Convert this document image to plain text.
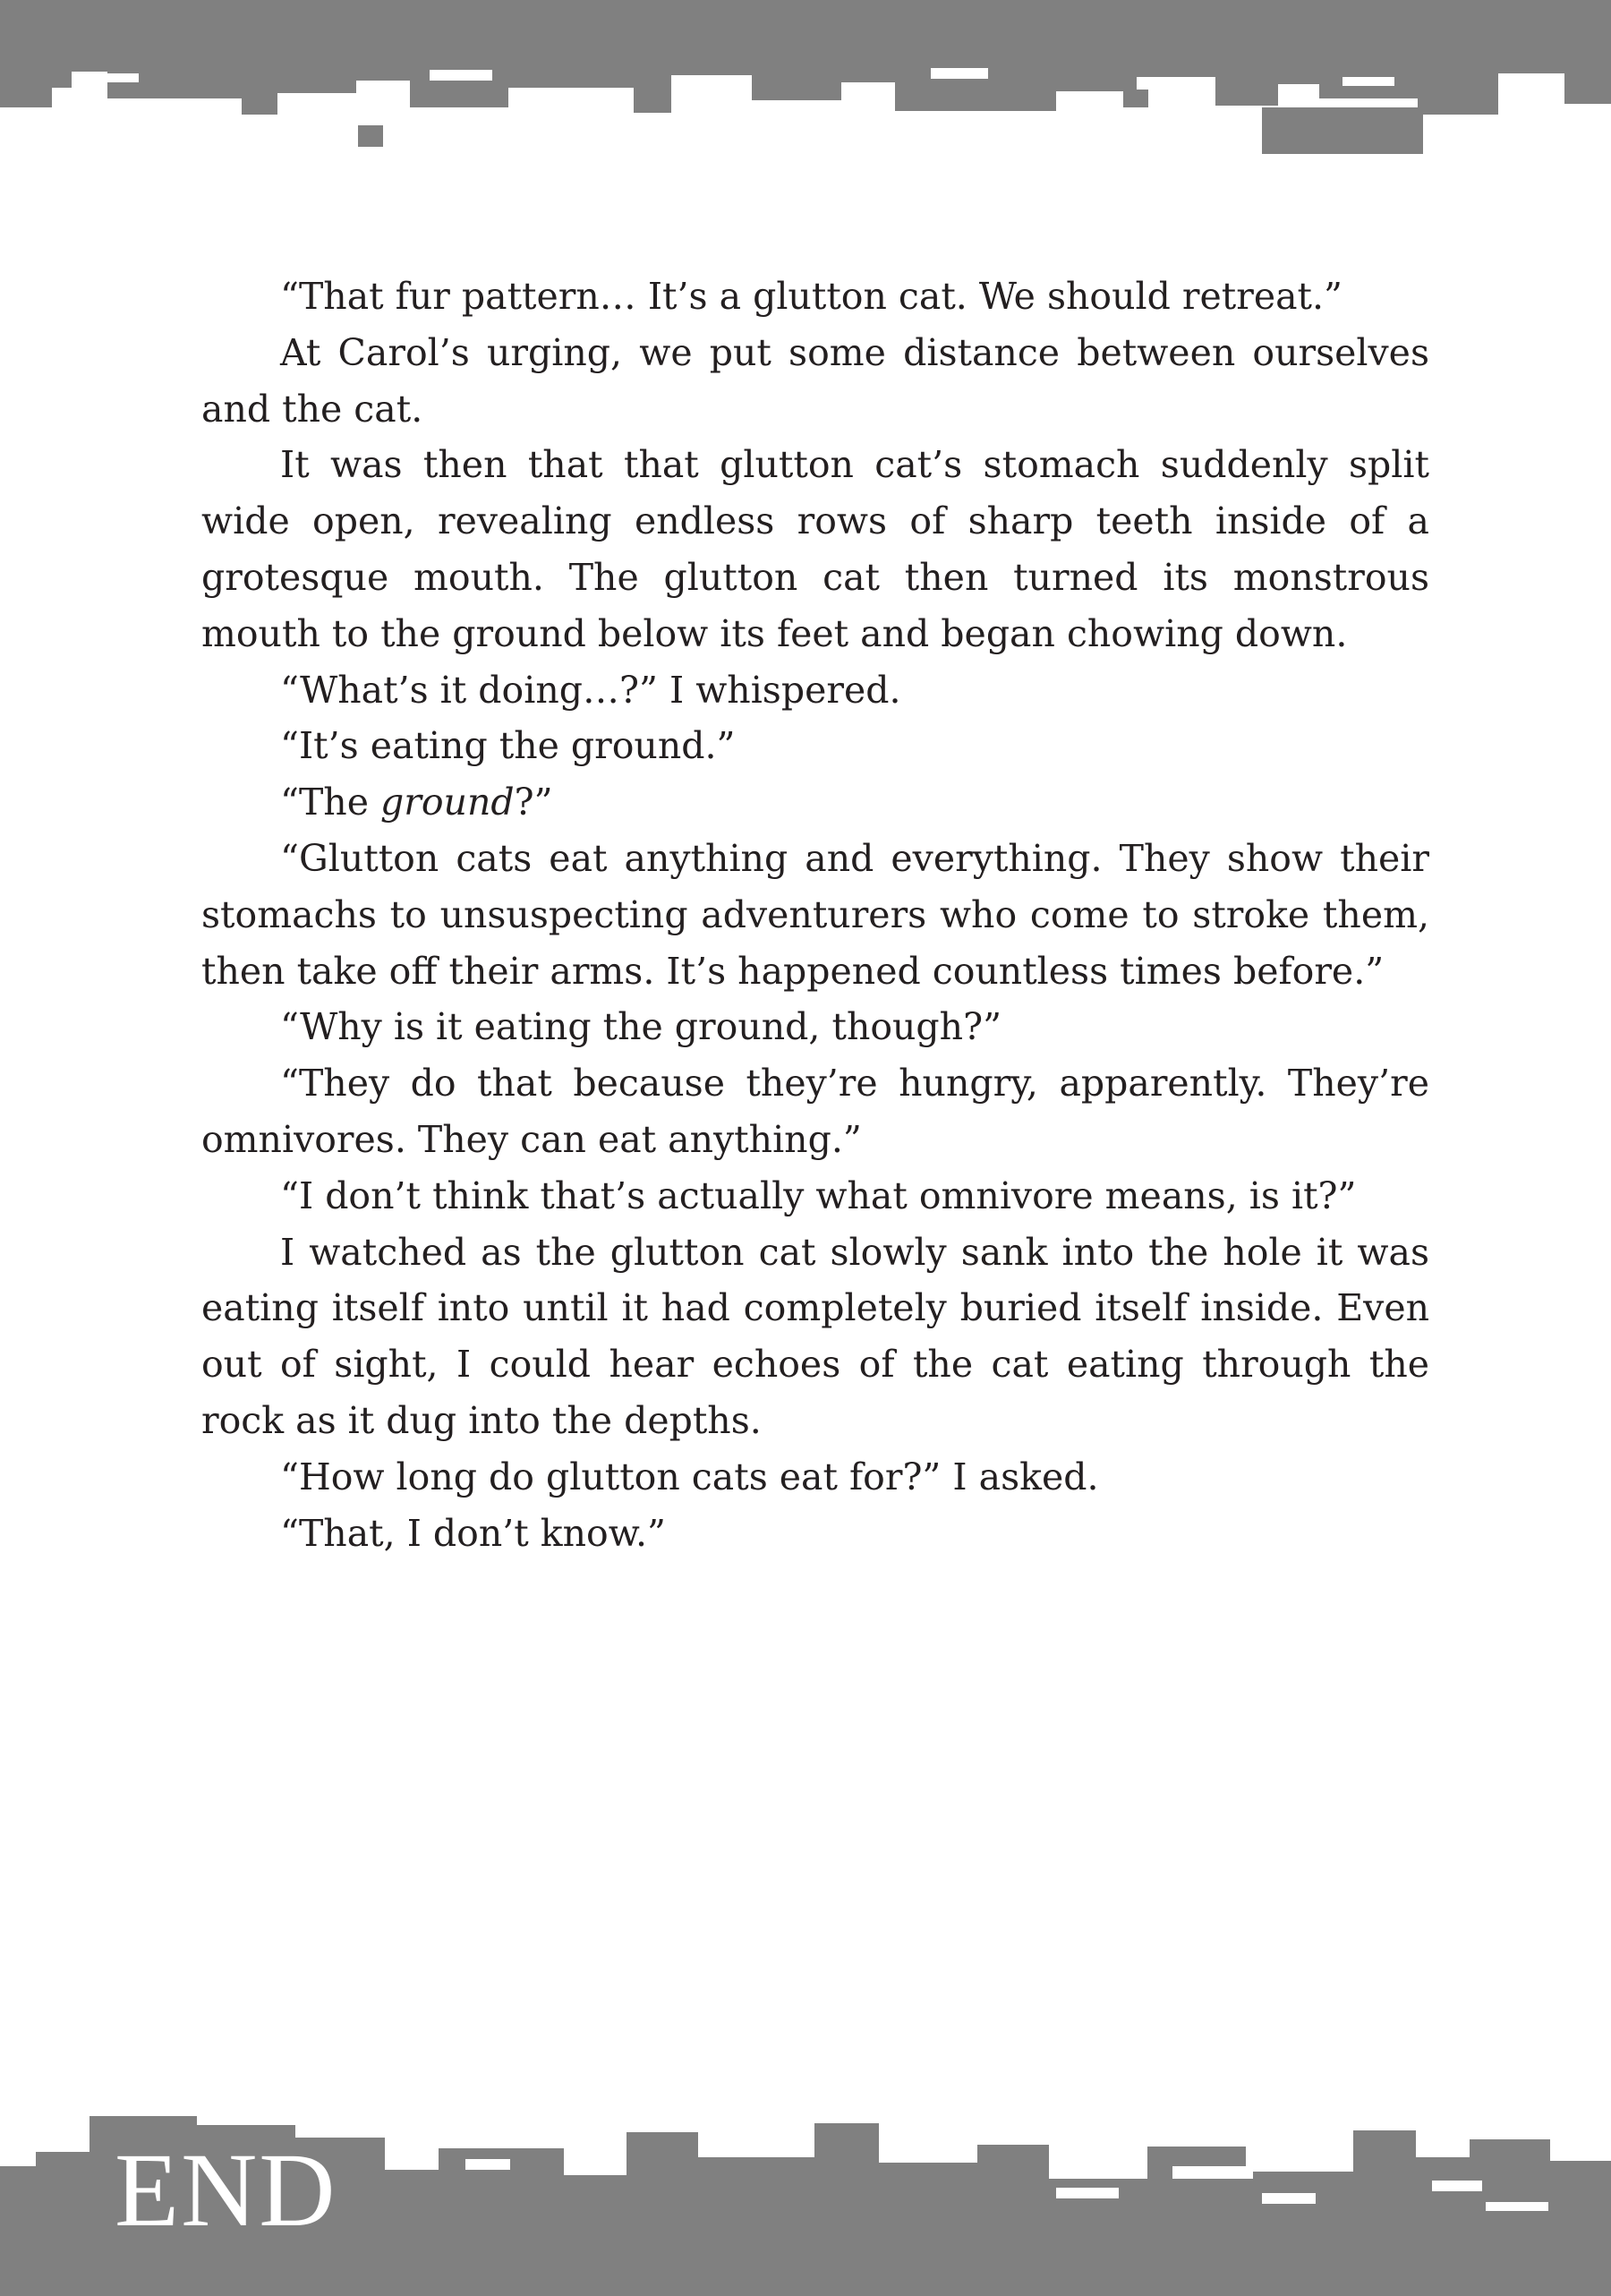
“That fur pattern… It’s a glutton cat. We should retreat.”

At Carol’s urging, we put some distance between ourselves and the cat.

It was then that that glutton cat’s stomach suddenly split wide open, revealing endless rows of sharp teeth inside of a grotesque mouth. The glutton cat then turned its monstrous mouth to the ground below its feet and began chowing down.

“What’s it doing…?” I whispered.

“It’s eating the ground.”

“The ground?”

“Glutton cats eat anything and everything. They show their stomachs to unsuspecting adventurers who come to stroke them, then take off their arms. It’s happened countless times before.”

“Why is it eating the ground, though?”

“They do that because they’re hungry, apparently. They’re omnivores. They can eat anything.”

“I don’t think that’s actually what omnivore means, is it?”

I watched as the glutton cat slowly sank into the hole it was eating itself into until it had completely buried itself inside. Even out of sight, I could hear echoes of the cat eating through the rock as it dug into the depths.

“How long do glutton cats eat for?” I asked.

“That, I don’t know.”

END
